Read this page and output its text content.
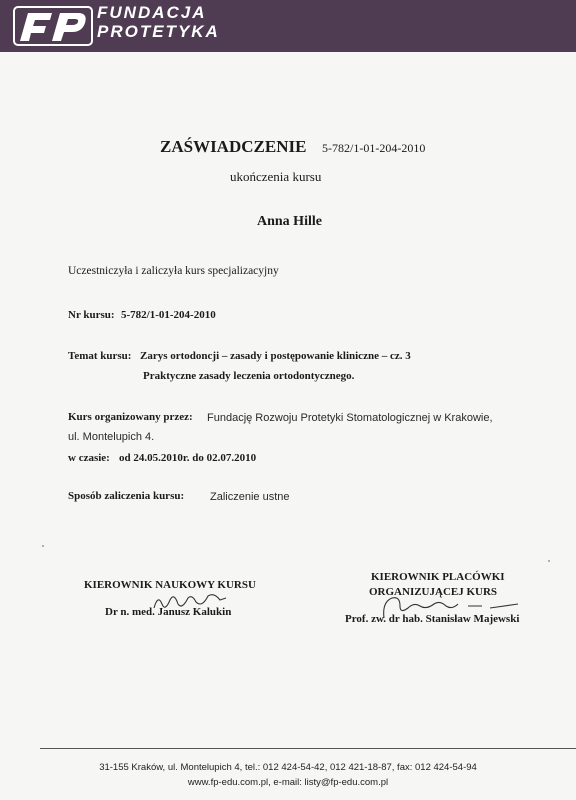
FUNDACJA
PROTETYKA
ZAŚWIADCZENIE 5-782/1-01-204-2010
ukończenia kursu
Anna Hille
Uczestniczyła i zaliczyła kurs specjalizacyjny
Nr kursu: 5-782/1-01-204-2010
Temat kursu: Zarys ortodoncji – zasady i postępowanie kliniczne – cz. 3
Praktyczne zasady leczenia ortodontycznego.
Kurs organizowany przez: Fundację Rozwoju Protetyki Stomatologicznej w Krakowie,
ul. Montelupich 4.
w czasie: od 24.05.2010r. do 02.07.2010
Sposób zaliczenia kursu: Zaliczenie ustne
KIEROWNIK NAUKOWY KURSU
Dr n. med. Janusz Kalukin
KIEROWNIK PLACÓWKI
ORGANIZUJĄCEJ KURS
Prof. zw. dr hab. Stanisław Majewski
31-155 Kraków, ul. Montelupich 4, tel.: 012 424-54-42, 012 421-18-87, fax: 012 424-54-94
www.fp-edu.com.pl, e-mail: listy@fp-edu.com.pl
